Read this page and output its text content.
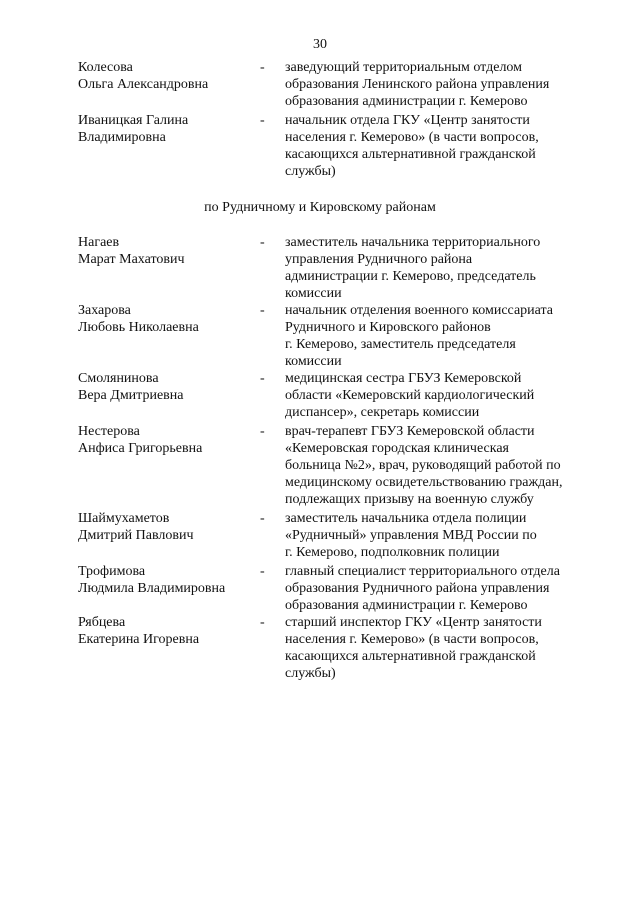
30
Колесова
Ольга Александровна
- заведующий территориальным отделом
образования Ленинского района управления
образования администрации г. Кемерово
Иваницкая Галина
Владимировна
- начальник отдела ГКУ «Центр занятости
населения г. Кемерово» (в части вопросов,
касающихся альтернативной гражданской
службы)
по Рудничному и Кировскому районам
Нагаев
Марат Махатович
- заместитель начальника территориального
управления Рудничного района
администрации г. Кемерово, председатель
комиссии
Захарова
Любовь Николаевна
- начальник отделения военного комиссариата
Рудничного и Кировского районов
г. Кемерово, заместитель председателя
комиссии
Смолянинова
Вера Дмитриевна
- медицинская сестра ГБУЗ Кемеровской
области «Кемеровский кардиологический
диспансер», секретарь комиссии
Нестерова
Анфиса Григорьевна
- врач-терапевт ГБУЗ Кемеровской области
«Кемеровская городская клиническая
больница №2», врач, руководящий работой по
медицинскому освидетельствованию граждан,
подлежащих призыву на военную службу
Шаймухаметов
Дмитрий Павлович
- заместитель начальника отдела полиции
«Рудничный» управления МВД России по
г. Кемерово, подполковник полиции
Трофимова
Людмила Владимировна
- главный специалист территориального отдела
образования Рудничного района управления
образования администрации г. Кемерово
Рябцева
Екатерина Игоревна
- старший инспектор ГКУ «Центр занятости
населения г. Кемерово» (в части вопросов,
касающихся альтернативной гражданской
службы)
